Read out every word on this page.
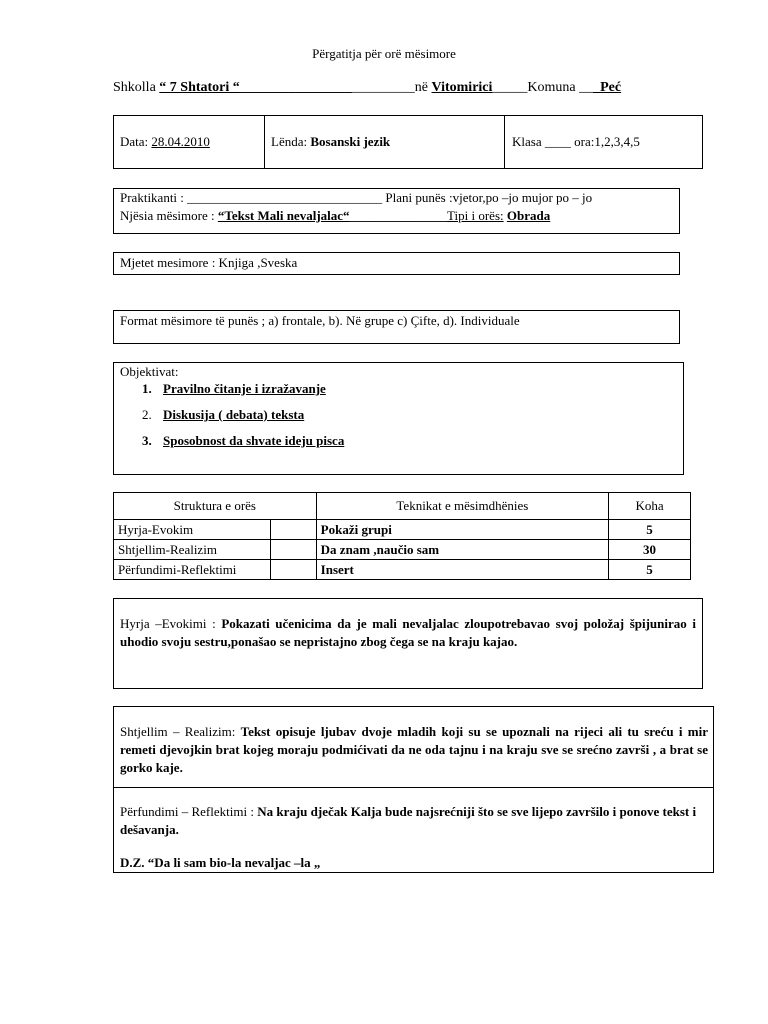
Përgatitja për orë mësimore
Shkolla “ 7 Shtatori “_________________________në Vitomirici_____Komuna ___Peć
Data: 28.04.2010	Lënda: Bosanski jezik	Klasa ____ ora:1,2,3,4,5
Praktikanti : ______________________________ Plani punës :vjetor,po –jo mujor po – jo
Njësia mësimore : “Tekst Mali nevaljalac“_______________Tipi i orës: Obrada
Mjetet mesimore : Knjiga ,Sveska
Format mësimore të punës ; a) frontale, b). Në grupe c) Çifte, d). Individuale
Objektivat:
1. Pravilno čitanje i izražavanje
2. Diskusija ( debata) teksta
3. Sposobnost da shvate ideju pisca
Struktura e orës		Teknikat e mësimdhënies	Koha
Hyrja-Evokim		Pokaži grupi	5
Shtjellim-Realizim		Da znam ,naučio sam	30
Përfundimi-Reflektimi		Insert	5
Hyrja –Evokimi : Pokazati učenicima da je mali nevaljalac zloupotrebavao svoj položaj špijunirao i uhodio svoju sestru,ponašao se nepristajno zbog čega se na kraju kajao.
Shtjellim – Realizim: Tekst opisuje ljubav dvoje mladih koji su se upoznali na rijeci ali tu sreću i mir remeti djevojkin brat kojeg moraju podmićivati da ne oda tajnu i na kraju sve se srećno završi , a brat se gorko kaje.
Përfundimi – Reflektimi : Na kraju dječak Kalja bude najsrećniji što se sve lijepo završilo i ponove tekst i dešavanja.
D.Z. “Da li sam bio-la nevaljac –la „
